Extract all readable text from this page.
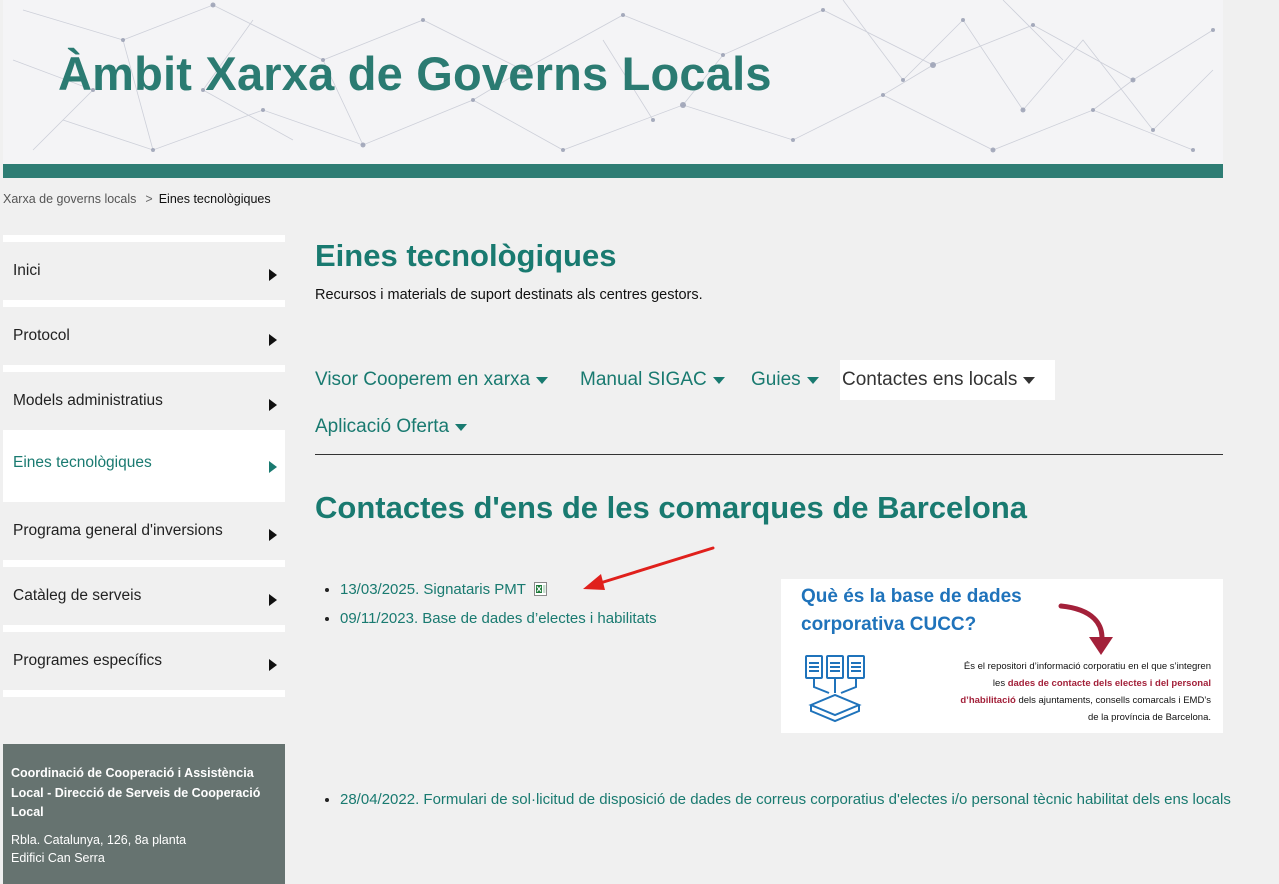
Àmbit Xarxa de Governs Locals
Xarxa de governs locals > Eines tecnològiques
Inici
Protocol
Models administratius
Eines tecnològiques
Programa general d'inversions
Catàleg de serveis
Programes específics
Coordinació de Cooperació i Assistència Local - Direcció de Serveis de Cooperació Local
Rbla. Catalunya, 126, 8a planta
Edifici Can Serra
Eines tecnològiques
Recursos i materials de suport destinats als centres gestors.
Visor Cooperem en xarxa	Manual SIGAC Guies Contactes ens locals
Aplicació Oferta
Contactes d'ens de les comarques de Barcelona
• 13/03/2025. Signataris PMT
• 09/11/2023. Base de dades d’electes i habilitats
• 28/04/2022. Formulari de sol·licitud de disposició de dades de correus corporatius d'electes i/o personal tècnic habilitat dels ens locals
Què és la base de dades corporativa CUCC?
És el repositori d’informació corporatiu en el que s’integren
les dades de contacte dels electes i del personal
d’habilitació dels ajuntaments, consells comarcals i EMD’s
de la província de Barcelona.
